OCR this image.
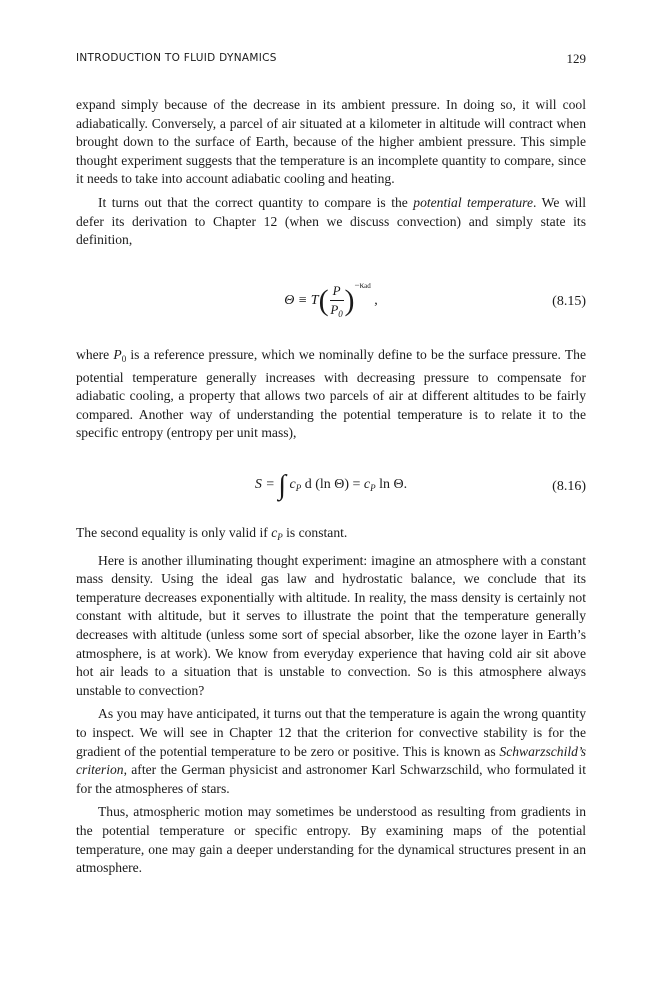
INTRODUCTION TO FLUID DYNAMICS	129

expand simply because of the decrease in its ambient pressure. In doing so, it will cool adiabatically. Conversely, a parcel of air situated at a kilometer in altitude will contract when brought down to the surface of Earth, because of the higher ambient pressure. This simple thought experiment suggests that the temperature is an incomplete quantity to compare, since it needs to take into account adiabatic cooling and heating.

It turns out that the correct quantity to compare is the potential temperature. We will defer its derivation to Chapter 12 (when we discuss convection) and simply state its definition,

$\Theta \equiv T( \frac{P}{P_0} )^{-\kappa ad}$ ,	(8.15)

where $P_0$ is a reference pressure, which we nominally define to be the surface pressure. The potential temperature generally increases with decreasing pressure to compensate for adiabatic cooling, a property that allows two parcels of air at different altitudes to be fairly compared. Another way of understanding the potential temperature is to relate it to the specific entropy (entropy per unit mass),

S = ∫ $c_P$ d (ln $\Theta) = c_P$ ln Θ.	(8.16)

The second equality is only valid if $c_P$ is constant.

Here is another illuminating thought experiment: imagine an atmosphere with a constant mass density. Using the ideal gas law and hydrostatic balance, we conclude that its temperature decreases exponentially with altitude. In reality, the mass density is certainly not constant with altitude, but it serves to illustrate the point that the temperature generally decreases with altitude (unless some sort of special absorber, like the ozone layer in Earth’s atmosphere, is at work). We know from everyday experience that having cold air sit above hot air leads to a situation that is unstable to convection. So is this atmosphere always unstable to convection?

As you may have anticipated, it turns out that the temperature is again the wrong quantity to inspect. We will see in Chapter 12 that the criterion for convective stability is for the gradient of the potential temperature to be zero or positive. This is known as Schwarzschild’s criterion, after the German physicist and astronomer Karl Schwarzschild, who formulated it for the atmospheres of stars.

Thus, atmospheric motion may sometimes be understood as resulting from gradients in the potential temperature or specific entropy. By examining maps of the potential temperature, one may gain a deeper understanding for the dynamical structures present in an atmosphere.
